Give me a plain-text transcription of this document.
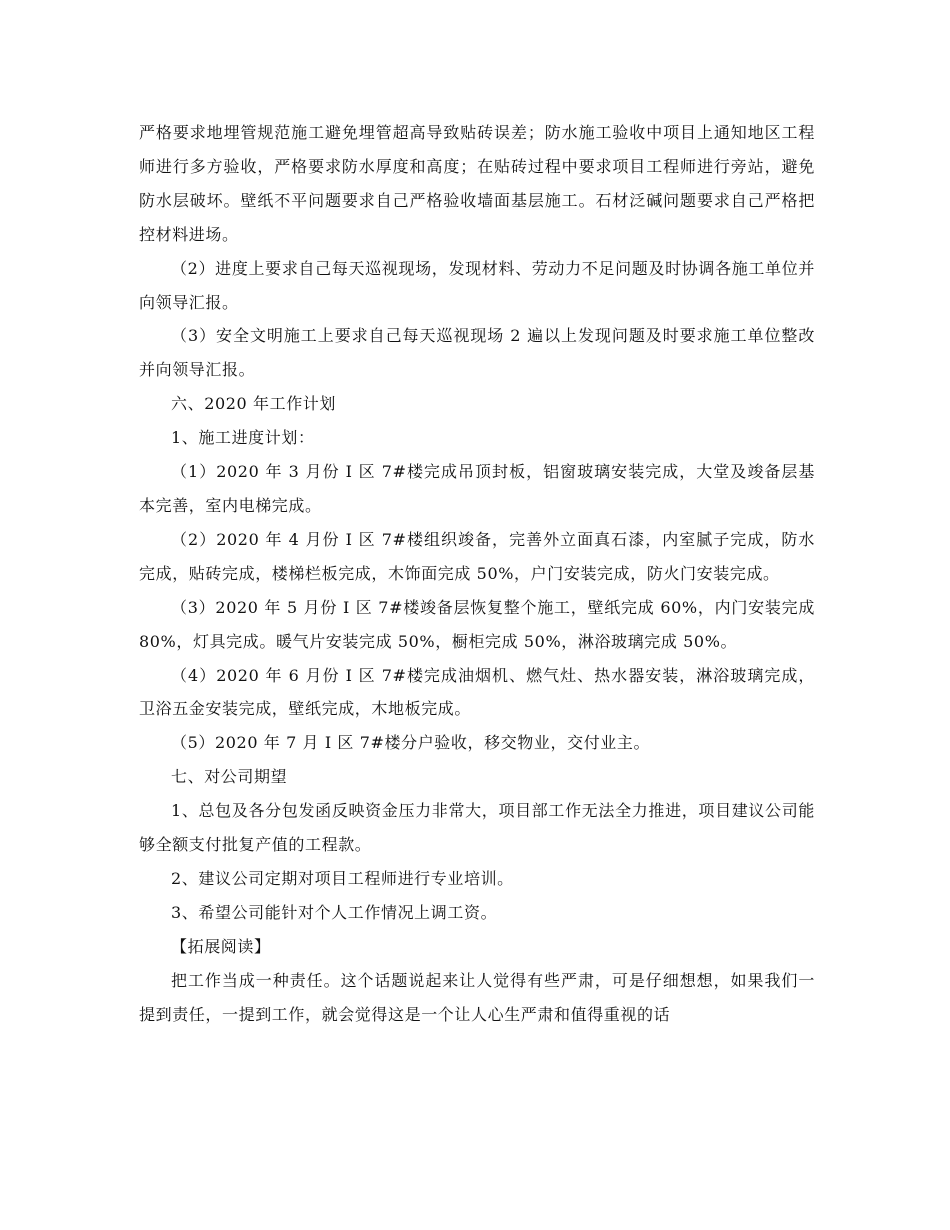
严格要求地埋管规范施工避免埋管超高导致贴砖误差；防水施工验收中项目上通知地区工程师进行多方验收，严格要求防水厚度和高度；在贴砖过程中要求项目工程师进行旁站，避免防水层破坏。壁纸不平问题要求自己严格验收墙面基层施工。石材泛碱问题要求自己严格把控材料进场。

（2）进度上要求自己每天巡视现场，发现材料、劳动力不足问题及时协调各施工单位并向领导汇报。

（3）安全文明施工上要求自己每天巡视现场 2 遍以上发现问题及时要求施工单位整改并向领导汇报。

六、2020 年工作计划

1、施工进度计划：

（1）2020 年 3 月份 I 区 7#楼完成吊顶封板，铝窗玻璃安装完成，大堂及竣备层基本完善，室内电梯完成。

（2）2020 年 4 月份 I 区 7#楼组织竣备，完善外立面真石漆，内室腻子完成，防水完成，贴砖完成，楼梯栏板完成，木饰面完成 50%，户门安装完成，防火门安装完成。

（3）2020 年 5 月份 I 区 7#楼竣备层恢复整个施工，壁纸完成 60%，内门安装完成 80%，灯具完成。暖气片安装完成 50%，橱柜完成 50%，淋浴玻璃完成 50%。

（4）2020 年 6 月份 I 区 7#楼完成油烟机、燃气灶、热水器安装，淋浴玻璃完成，卫浴五金安装完成，壁纸完成，木地板完成。

（5）2020 年 7 月 I 区 7#楼分户验收，移交物业，交付业主。

七、对公司期望

1、总包及各分包发函反映资金压力非常大，项目部工作无法全力推进，项目建议公司能够全额支付批复产值的工程款。

2、建议公司定期对项目工程师进行专业培训。

3、希望公司能针对个人工作情况上调工资。

【拓展阅读】

把工作当成一种责任。这个话题说起来让人觉得有些严肃，可是仔细想想，如果我们一提到责任，一提到工作，就会觉得这是一个让人心生严肃和值得重视的话
